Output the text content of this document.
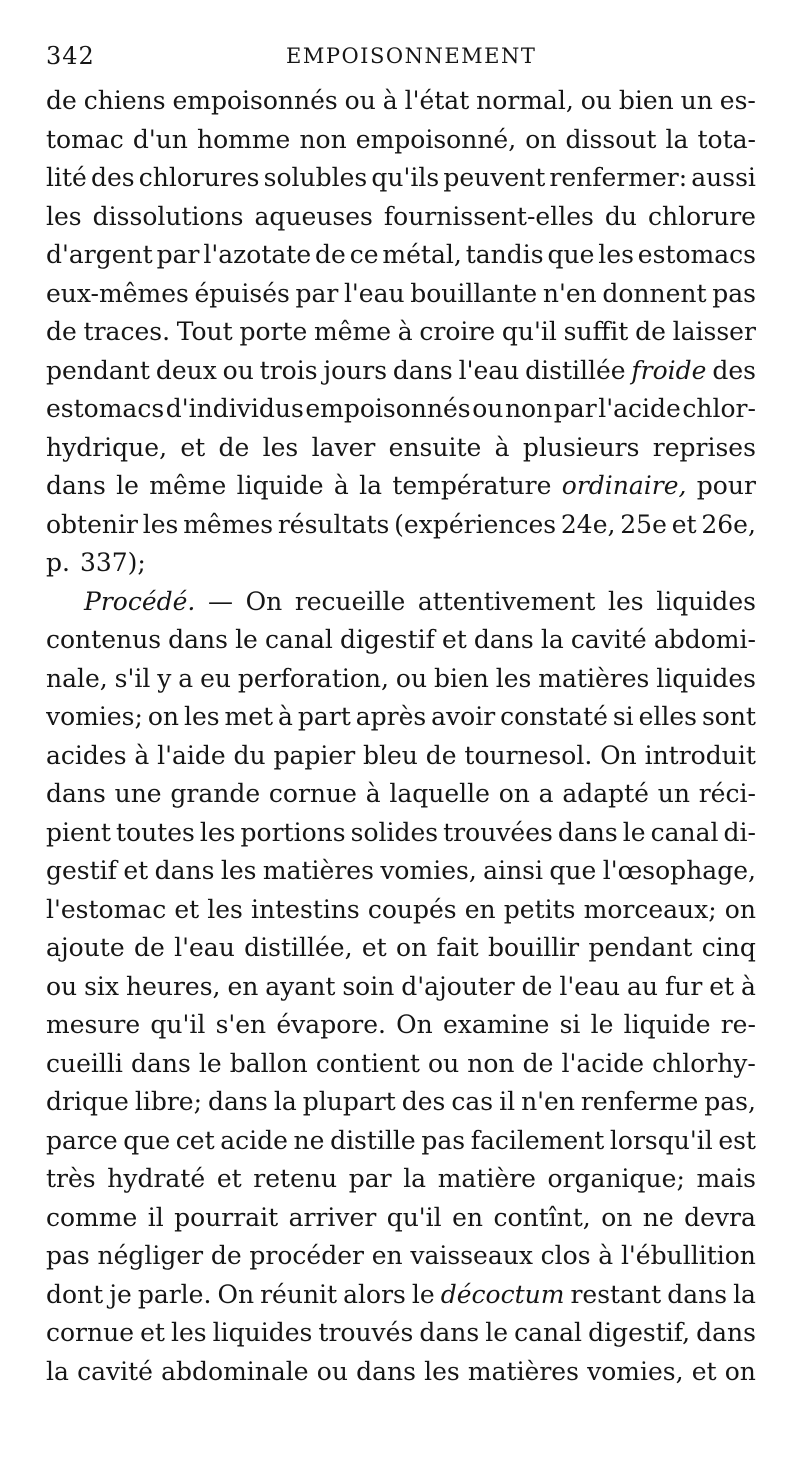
342	EMPOISONNEMENT
de chiens empoisonnés ou à l'état normal, ou bien un es-
tomac d'un homme non empoisonné, on dissout la tota-
lité des chlorures solubles qu'ils peuvent renfermer: aussi
les dissolutions aqueuses fournissent-elles du chlorure
d'argent par l'azotate de ce métal, tandis que les estomacs
eux-mêmes épuisés par l'eau bouillante n'en donnent pas
de traces. Tout porte même à croire qu'il suffit de laisser
pendant deux ou trois jours dans l'eau distillée froide des
estomacs d'individus empoisonnés ou non par l'acide chlor-
hydrique, et de les laver ensuite à plusieurs reprises
dans le même liquide à la température ordinaire, pour
obtenir les mêmes résultats (expériences 24e, 25e et 26e,
p. 337);
Procédé. — On recueille attentivement les liquides
contenus dans le canal digestif et dans la cavité abdomi-
nale, s'il y a eu perforation, ou bien les matières liquides
vomies; on les met à part après avoir constaté si elles sont
acides à l'aide du papier bleu de tournesol. On introduit
dans une grande cornue à laquelle on a adapté un réci-
pient toutes les portions solides trouvées dans le canal di-
gestif et dans les matières vomies, ainsi que l'œsophage,
l'estomac et les intestins coupés en petits morceaux; on
ajoute de l'eau distillée, et on fait bouillir pendant cinq
ou six heures, en ayant soin d'ajouter de l'eau au fur et à
mesure qu'il s'en évapore. On examine si le liquide re-
cueilli dans le ballon contient ou non de l'acide chlorhy-
drique libre; dans la plupart des cas il n'en renferme pas,
parce que cet acide ne distille pas facilement lorsqu'il est
très hydraté et retenu par la matière organique; mais
comme il pourrait arriver qu'il en contînt, on ne devra
pas négliger de procéder en vaisseaux clos à l'ébullition
dont je parle. On réunit alors le décoctum restant dans la
cornue et les liquides trouvés dans le canal digestif, dans
la cavité abdominale ou dans les matières vomies, et on
